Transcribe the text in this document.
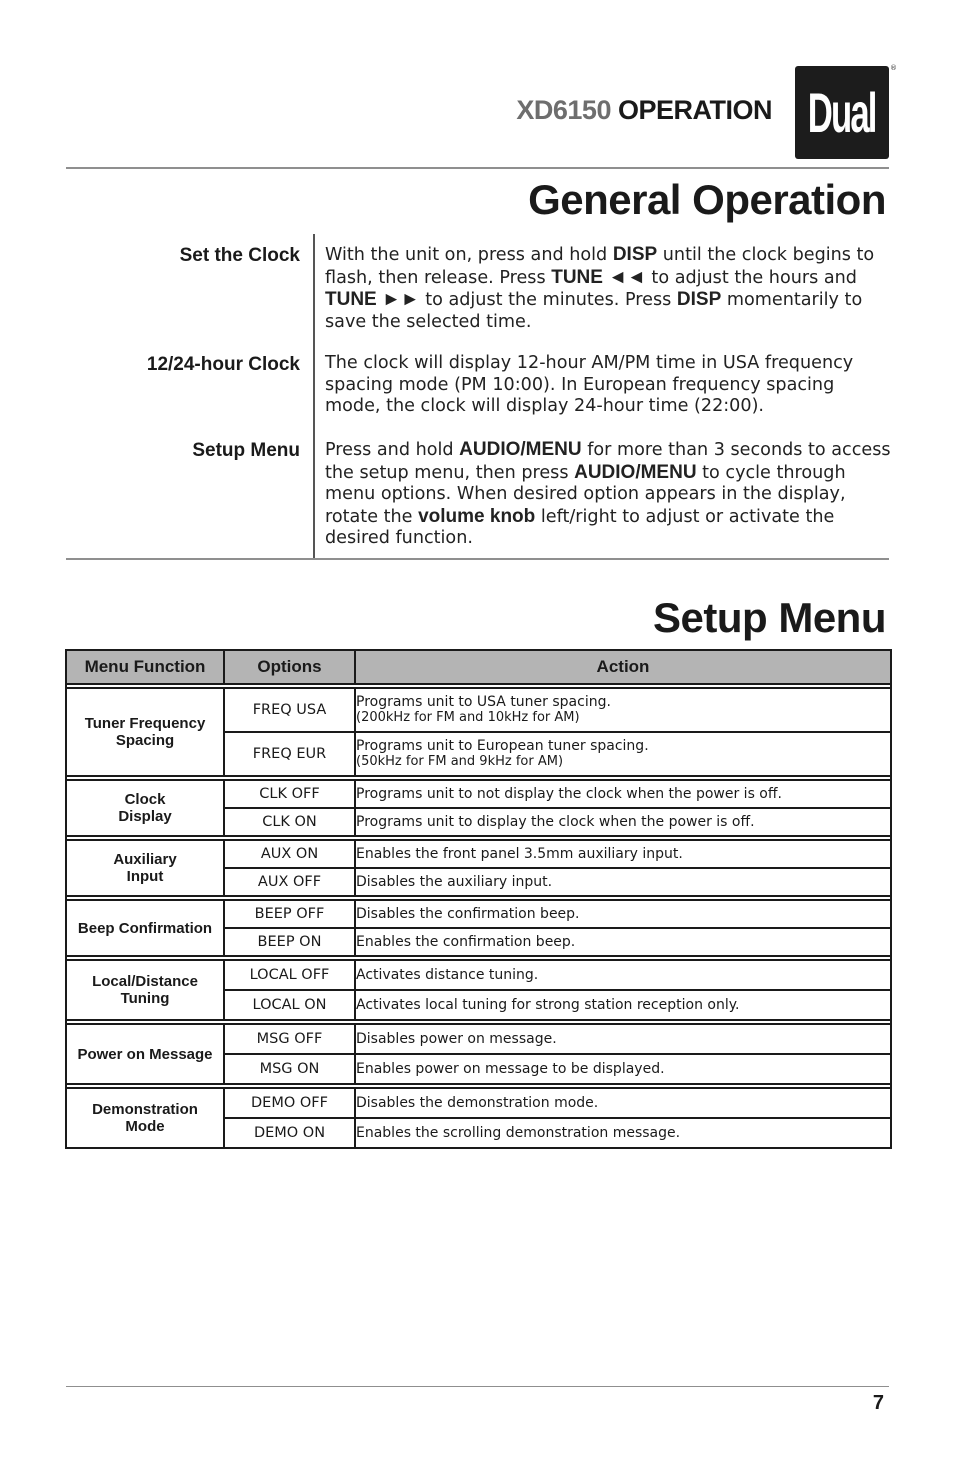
XD6150 OPERATION Dual
®
General Operation
Set the Clock With the unit on, press and hold DISP until the clock begins to flash, then release. Press TUNE ◄◄ to adjust the hours and TUNE ►► to adjust the minutes. Press DISP momentarily to save the selected time.
12/24-hour Clock The clock will display 12-hour AM/PM time in USA frequency spacing mode (PM 10:00). In European frequency spacing mode, the clock will display 24-hour time (22:00).
Setup Menu Press and hold AUDIO/MENU for more than 3 seconds to access the setup menu, then press AUDIO/MENU to cycle through menu options. When desired option appears in the display, rotate the volume knob left/right to adjust or activate the desired function.
Setup Menu
Menu Function	Options	Action

Tuner Frequency
Spacing	FREQ USA	Programs unit to USA tuner spacing.
(200kHz for FM and 10kHz for AM)

	FREQ EUR	Programs unit to European tuner spacing.
(50kHz for FM and 9kHz for AM)

Clock
Display	CLK OFF	Programs unit to not display the clock when the power is off.
	CLK ON	Programs unit to display the clock when the power is off.

Auxiliary
Input	AUX ON	Enables the front panel 3.5mm auxiliary input.
	AUX OFF	Disables the auxiliary input.

Beep Confirmation	BEEP OFF	Disables the confirmation beep.
	BEEP ON	Enables the confirmation beep.

Local/Distance
Tuning	LOCAL OFF	Activates distance tuning.
	LOCAL ON	Activates local tuning for strong station reception only.

Power on Message	MSG OFF	Disables power on message.
	MSG ON	Enables power on message to be displayed.

Demonstration
Mode	DEMO OFF	Disables the demonstration mode.
	DEMO ON	Enables the scrolling demonstration message.
7
